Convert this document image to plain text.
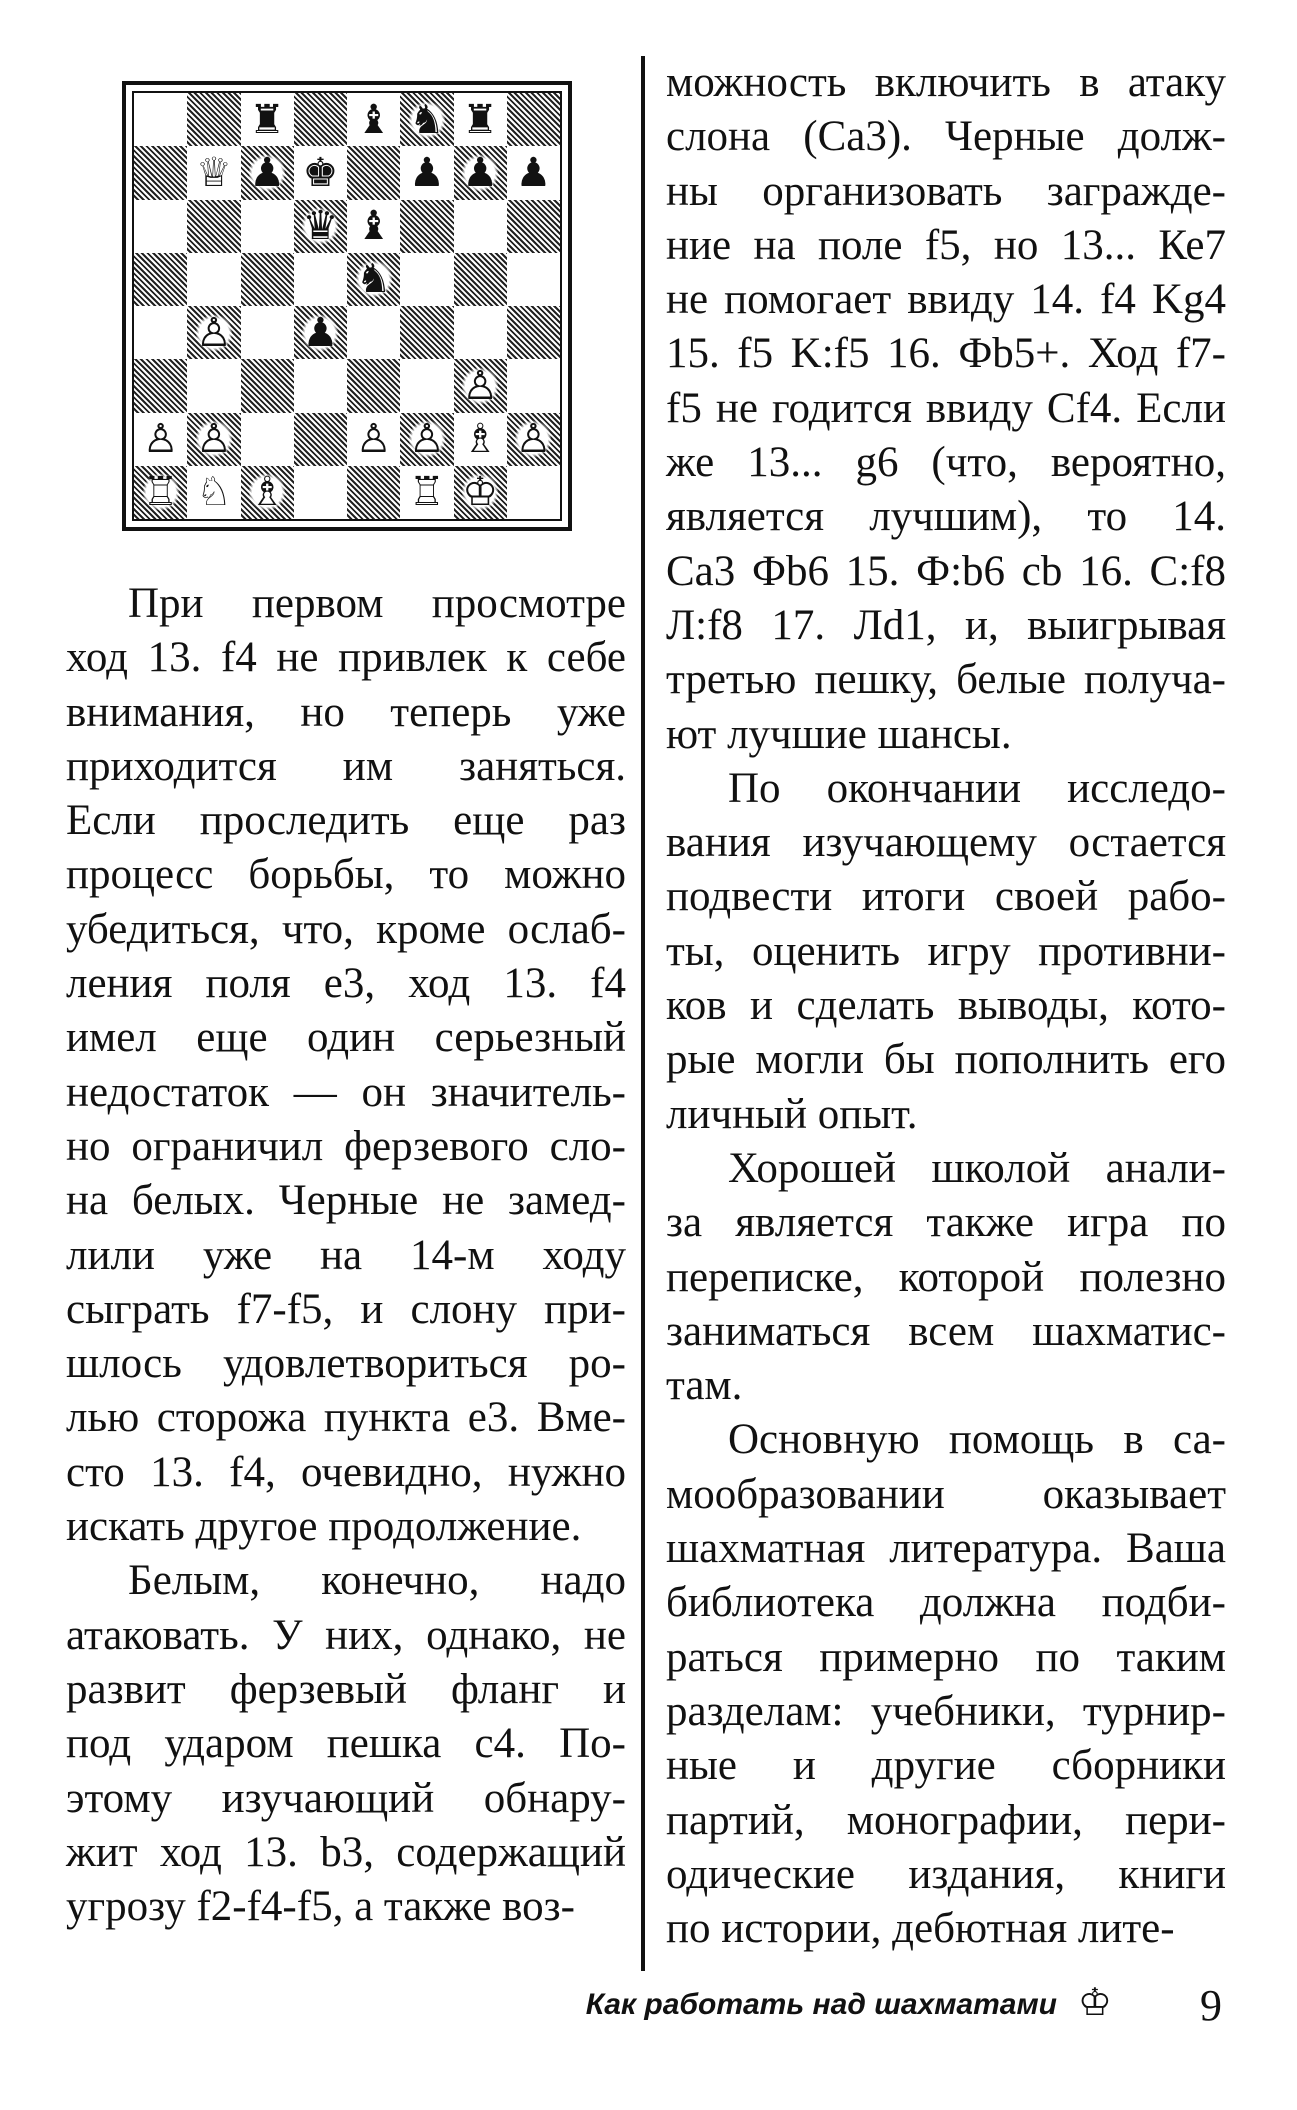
♜ ♝ ♞ ♜
♕ ♟ ♚ ♟ ♟ ♟
♛ ♝
♞
♙ ♟
♙
♙ ♙	♙ ♙ ♗ ♙
♖ ♘ ♗	♖ ♔
При первом просмотре
ход 13. f4 не привлек к себе
внимания, но теперь уже
приходится им заняться.
Если проследить еще раз
процесс борьбы, то можно
убедиться, что, кроме ослаб-
ления поля е3, ход 13. f4
имел еще один серьезный
недостаток — он значитель-
но ограничил ферзевого сло-
на белых. Черные не замед-
лили уже на 14-м ходу
сыграть f7-f5, и слону при-
шлось удовлетвориться ро-
лью сторожа пункта е3. Вме-
сто 13. f4, очевидно, нужно
искать другое продолжение.
Белым, конечно, надо
атаковать. У них, однако, не
развит ферзевый фланг и
под ударом пешка с4. По-
этому изучающий обнару-
жит ход 13. b3, содержащий
угрозу f2-f4-f5, а также воз-
можность включить в атаку
слона (Са3). Черные долж-
ны организовать загражде-
ние на поле f5, но 13... Ке7
не помогает ввиду 14. f4 Kg4
15. f5 K:f5 16. Фb5+. Ход f7-
f5 не годится ввиду Cf4. Если
же 13... g6 (что, вероятно,
является лучшим), то 14.
Са3 Фb6 15. Ф:b6 cb 16. C:f8
Л:f8 17. Лd1, и, выигрывая
третью пешку, белые получа-
ют лучшие шансы.
По окончании исследо-
вания изучающему остается
подвести итоги своей рабо-
ты, оценить игру противни-
ков и сделать выводы, кото-
рые могли бы пополнить его
личный опыт.
Хорошей школой анали-
за является также игра по
переписке, которой полезно
заниматься всем шахматис-
там.
Основную помощь в са-
мообразовании оказывает
шахматная литература. Ваша
библиотека должна подби-
раться примерно по таким
разделам: учебники, турнир-
ные и другие сборники
партий, монографии, пери-
одические издания, книги
по истории, дебютная лите-
Как работать над шахматами ♔ 9
